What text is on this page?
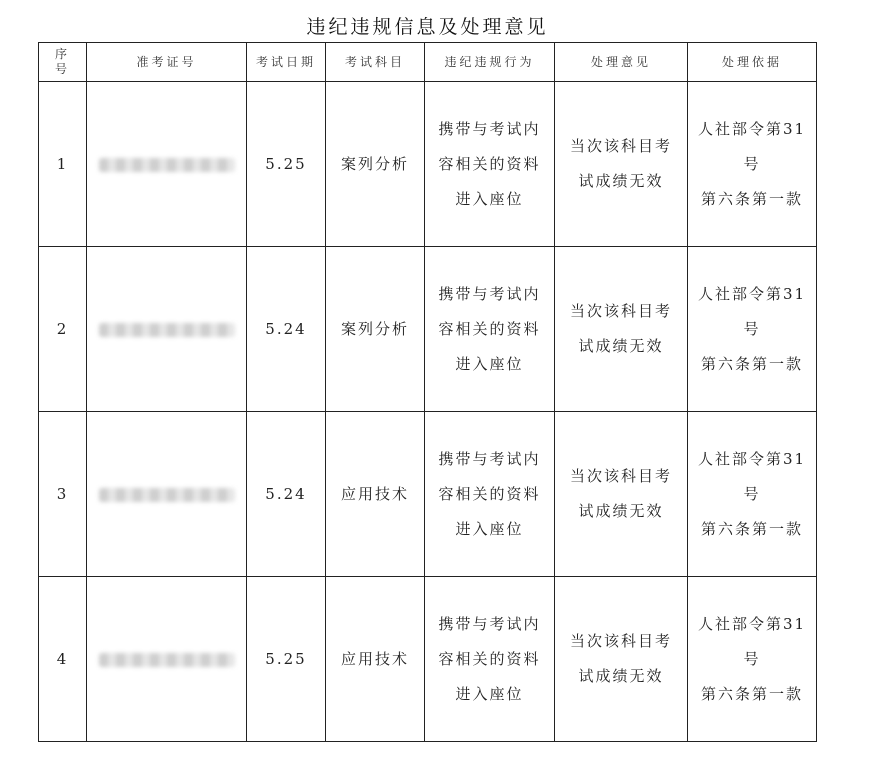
违纪违规信息及处理意见
序
号	准考证号	考试日期	考试科目	违纪违规行为	处理意见	处理依据
1		5.25	案列分析	携带与考试内
容相关的资料
进入座位	当次该科目考
试成绩无效	人社部令第31
号
第六条第一款

2		5.24	案列分析	携带与考试内
容相关的资料
进入座位	当次该科目考
试成绩无效	人社部令第31
号
第六条第一款

3		5.24	应用技术	携带与考试内
容相关的资料
进入座位	当次该科目考
试成绩无效	人社部令第31
号
第六条第一款

4		5.25	应用技术	携带与考试内
容相关的资料
进入座位	当次该科目考
试成绩无效	人社部令第31
号
第六条第一款
